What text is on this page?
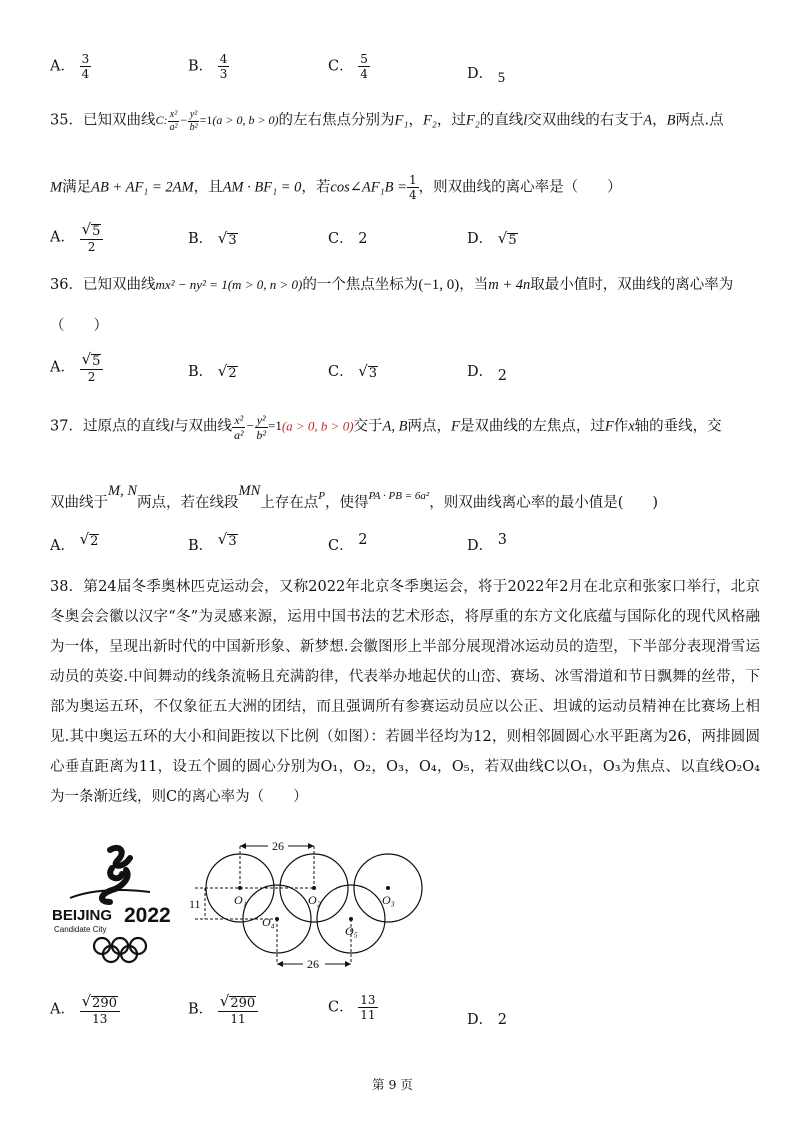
A． $\frac{3}{4}$	B． $\frac{4}{3}$	C． $\frac{5}{4}$	D． 5
35．已知双曲线C: $\frac{\text{x²}}{\text{a²}} - \frac{\text{y²}}{\text{b²}} =1(a > 0$, b > 0)的左右焦点分别为F₁，F₂，过F₂的直线l交双曲线的右支于A，B两点.点
M满足AB + AF₁ = 2AM，且AM · BF₁ = 0，若cos∠AF₁B = $\frac{1}{4}$ ，则双曲线的离心率是（　　）
A． $\frac{√ 5}{2}$	B． √ 3	C． 2	D． √ 5
36．已知双曲线mx² − ny² = 1(m > 0, n > 0)的一个焦点坐标为(−1, 0)，当m + 4n取最小值时，双曲线的离心率为
（　　）
A． $\frac{√ 5}{2}$	B． √ 2	C． √ 3	D． 2
37．过原点的直线l与双曲线 $\frac{\text{x²}}{\text{a²}} - \frac{\text{y²}}{\text{b²}} =1(a > 0$, b > 0)交于A, B两点，F是双曲线的左焦点，过F作x轴的垂线，交
双曲线于M, N两点，若在线段MN上存在点$^P$，使得$^{PA \cdot PB = 6a^2}$，则双曲线离心率的最小值是(　　)
A． √ 2	B． √ 3	C． 2	D． 3
38．第24届冬季奥林匹克运动会，又称2022年北京冬季奥运会，将于2022年2月在北京和张家口举行，北京冬奥会会徽以汉字“冬”为灵感来源，运用中国书法的艺术形态，将厚重的东方文化底蕴与国际化的现代风格融为一体，呈现出新时代的中国新形象、新梦想.会徽图形上半部分展现滑冰运动员的造型，下半部分表现滑雪运动员的英姿.中间舞动的线条流畅且充满韵律，代表举办地起伏的山峦、赛场、冰雪滑道和节日飘舞的丝带，下部为奥运五环，不仅象征五大洲的团结，而且强调所有参赛运动员应以公正、坦诚的运动员精神在比赛场上相见.其中奥运五环的大小和间距按以下比例（如图）：若圆半径均为12，则相邻圆圆心水平距离为26，两排圆圆心垂直距离为11，设五个圆的圆心分别为O₁，O₂，O₃，O₄，O₅，若双曲线C以O₁，O₃为焦点、以直线O₂O₄为一条渐近线，则C的离心率为（　　）
BEIJING 2022
Candidate City
26
26
11	O₁	O₂	O₃
O₄
O₅
A． $\frac{√ 290}{13}$	B． $\frac{√ 290}{11}$	C． $\frac{13}{11}$	D． 2
第 9 页
